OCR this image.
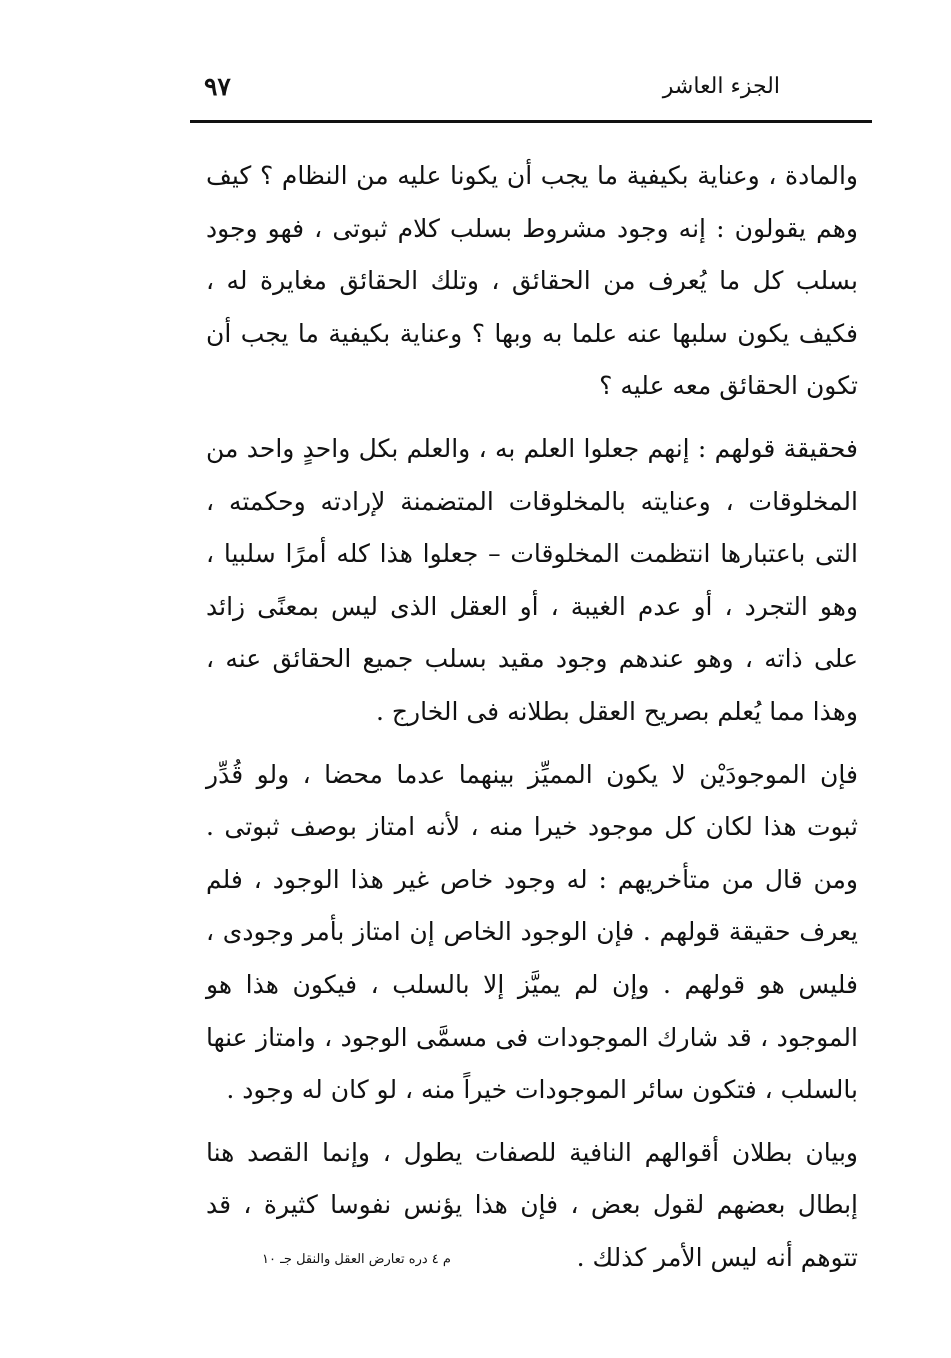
٩٧	الجزء العاشر

والمادة ، وعناية بكيفية ما يجب أن يكونا عليه من النظام ؟ كيف وهم يقولون : إنه وجود مشروط بسلب كلام ثبوتى ، فهو وجود بسلب كل ما يُعرف من الحقائق ، وتلك الحقائق مغايرة له ، فكيف يكون سلبها عنه علما به وبها ؟ وعناية بكيفية ما يجب أن تكون الحقائق معه عليه ؟

فحقيقة قولهم : إنهم جعلوا العلم به ، والعلم بكل واحدٍ واحد من المخلوقات ، وعنايته بالمخلوقات المتضمنة لإرادته وحكمته ، التى باعتبارها انتظمت المخلوقات – جعلوا هذا كله أمرًا سلبيا ، وهو التجرد ، أو عدم الغيبة ، أو العقل الذى ليس بمعنًى زائد على ذاته ، وهو عندهم وجود مقيد بسلب جميع الحقائق عنه ، وهذا مما يُعلم بصريح العقل بطلانه فى الخارج .

فإن الموجودَيْن لا يكون المميِّز بينهما عدما محضا ، ولو قُدِّر ثبوت هذا لكان كل موجود خيرا منه ، لأنه امتاز بوصف ثبوتى . ومن قال من متأخريهم : له وجود خاص غير هذا الوجود ، فلم يعرف حقيقة قولهم . فإن الوجود الخاص إن امتاز بأمر وجودى ، فليس هو قولهم . وإن لم يميَّز إلا بالسلب ، فيكون هذا هو الموجود ، قد شارك الموجودات فى مسمَّى الوجود ، وامتاز عنها بالسلب ، فتكون سائر الموجودات خيراً منه ، لو كان له وجود .

وبيان بطلان أقوالهم النافية للصفات يطول ، وإنما القصد هنا إبطال بعضهم لقول بعض ، فإن هذا يؤنس نفوسا كثيرة ، قد تتوهم أنه ليس الأمر كذلك .

م ٤ دره تعارض العقل والنقل جـ ١٠
